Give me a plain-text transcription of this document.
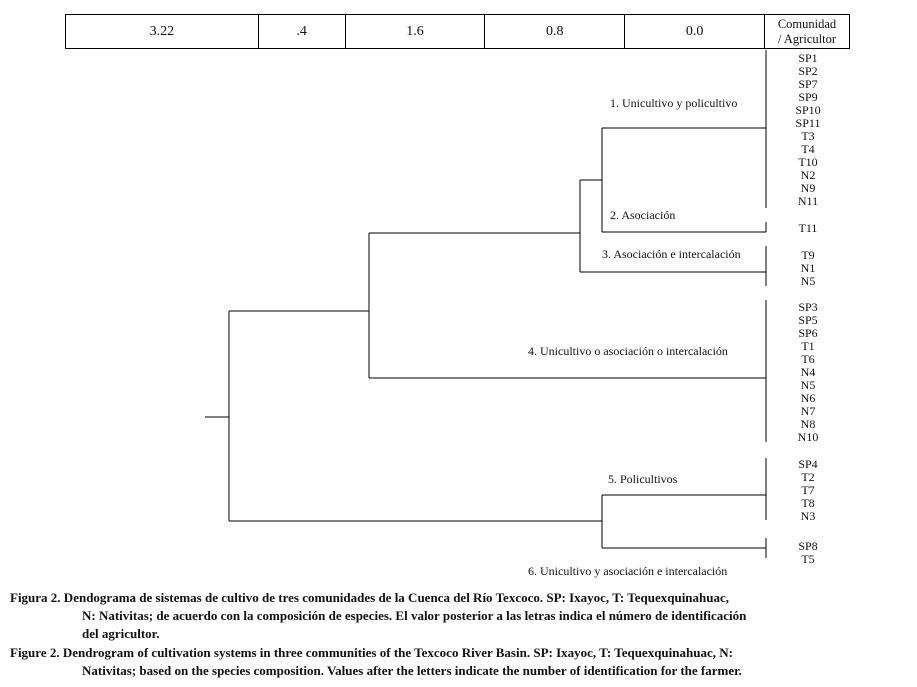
3.22	.4	1.6	0.8	0.0	Comunidad
/ Agricultor
1. Unicultivo y policultivo
2. Asociación
3. Asociación e intercalación
4. Unicultivo o asociación o intercalación
5. Policultivos
6. Unicultivo y asociación e intercalación
SP1
SP2
SP7
SP9
SP10
SP11
T3
T4
T10
N2
N9
N11
T11
T9
N1
N5
SP3
SP5
SP6
T1
T6
N4
N5
N6
N7
N8
N10
SP4
T2
T7
T8
N3
SP8
T5
Figura 2. Dendograma de sistemas de cultivo de tres comunidades de la Cuenca del Río Texcoco. SP: Ixayoc, T: Tequexquinahuac,
N: Nativitas; de acuerdo con la composición de especies. El valor posterior a las letras indica el número de identificación
del agricultor.
Figure 2. Dendrogram of cultivation systems in three communities of the Texcoco River Basin. SP: Ixayoc, T: Tequexquinahuac, N:
Nativitas; based on the species composition. Values after the letters indicate the number of identification for the farmer.
